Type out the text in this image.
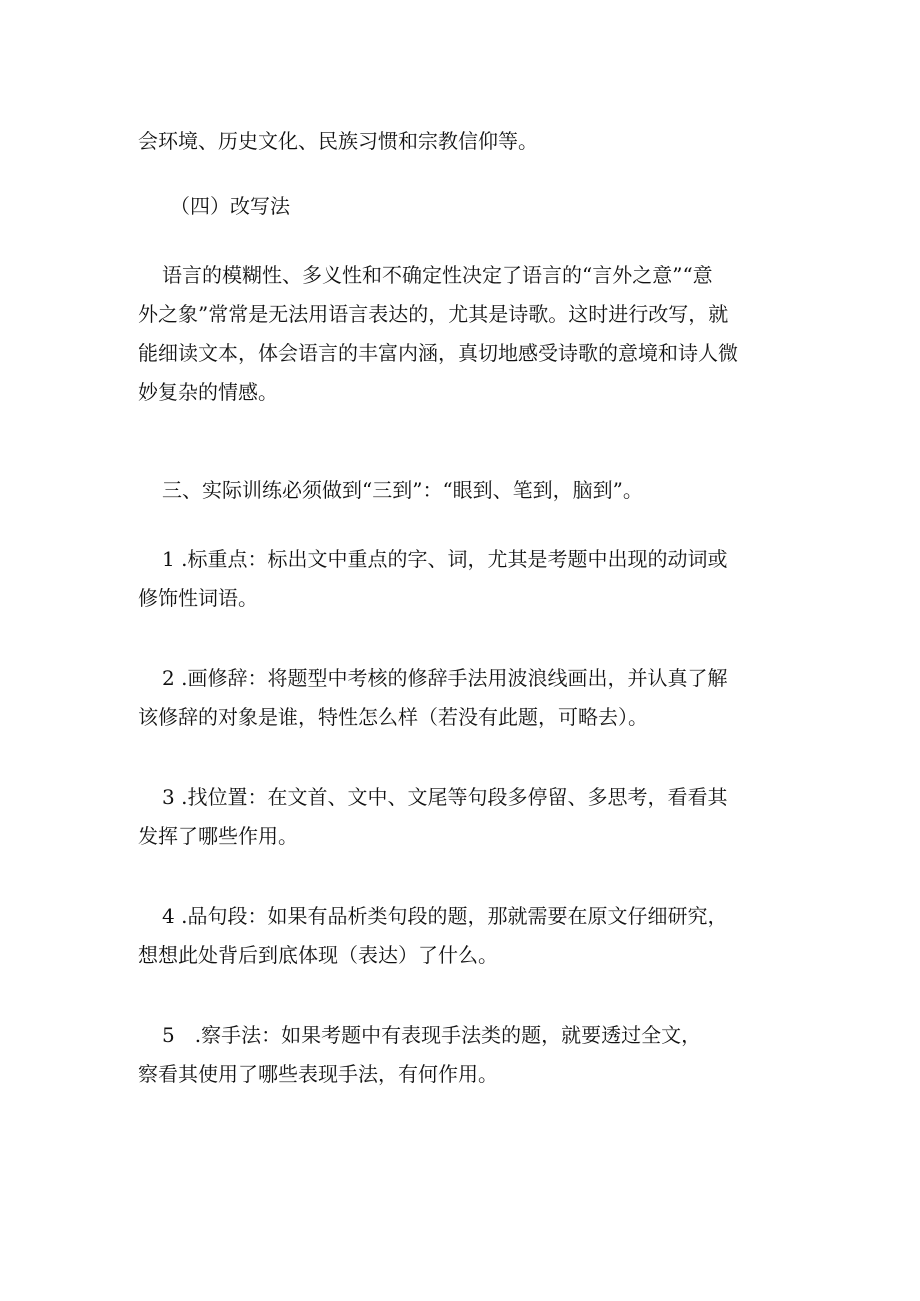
会环境、历史文化、民族习惯和宗教信仰等。

（四）改写法

语言的模糊性、多义性和不确定性决定了语言的“言外之意”“意
外之象”常常是无法用语言表达的，尤其是诗歌。这时进行改写，就
能细读文本，体会语言的丰富内涵，真切地感受诗歌的意境和诗人微
妙复杂的情感。

三、实际训练必须做到“三到”：“眼到、笔到，脑到”。

1 .标重点：标出文中重点的字、词，尤其是考题中出现的动词或
修饰性词语。

2 .画修辞：将题型中考核的修辞手法用波浪线画出，并认真了解
该修辞的对象是谁，特性怎么样（若没有此题，可略去）。

3 .找位置：在文首、文中、文尾等句段多停留、多思考，看看其
发挥了哪些作用。

4 .品句段：如果有品析类句段的题，那就需要在原文仔细研究，
想想此处背后到底体现（表达）了什么。

5 .察手法：如果考题中有表现手法类的题，就要透过全文，
察看其使用了哪些表现手法，有何作用。
